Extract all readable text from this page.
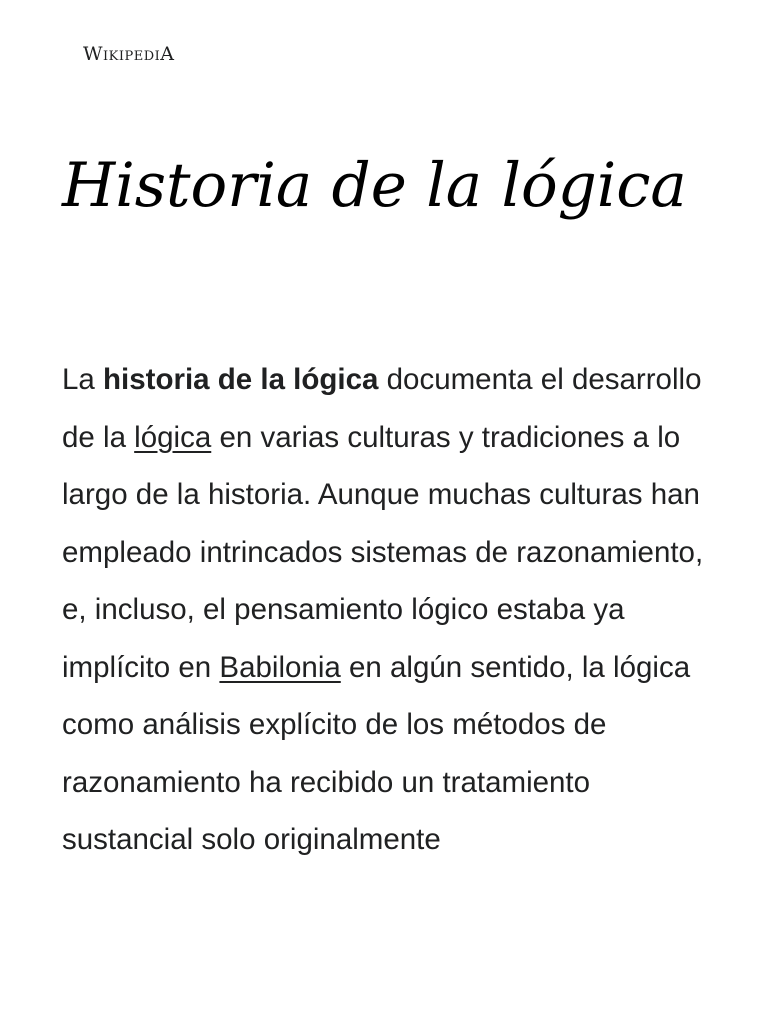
WikipediA
Historia de la lógica

La historia de la lógica documenta el desarrollo de la lógica en varias culturas y tradiciones a lo largo de la historia. Aunque muchas culturas han empleado intrincados sistemas de razonamiento, e, incluso, el pensamiento lógico estaba ya implícito en Babilonia en algún sentido, la lógica como análisis explícito de los métodos de razonamiento ha recibido un tratamiento sustancial solo originalmente
